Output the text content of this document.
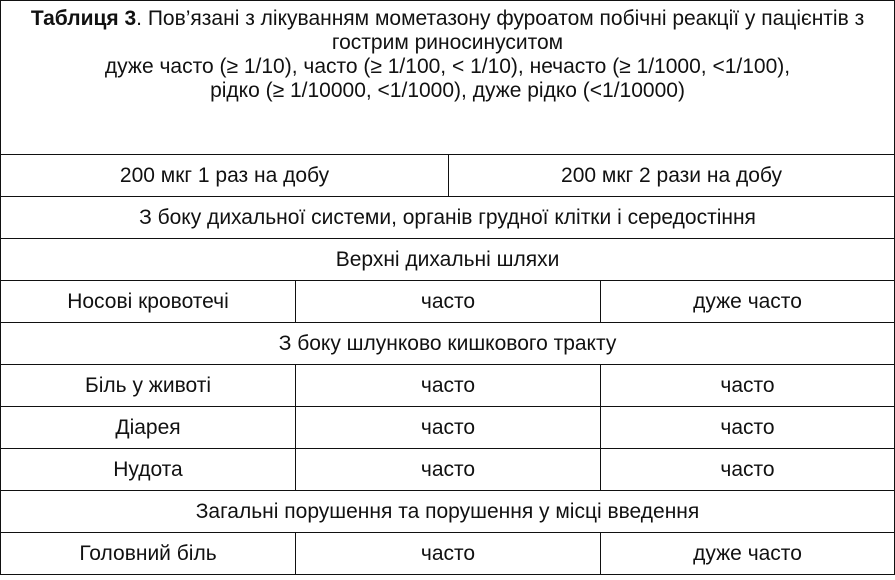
Таблиця 3. Пов’язані з лікуванням мометазону фуроатом побічні реакції у пацієнтів з гострим риносинуситом
дуже часто (≥ 1/10), часто (≥ 1/100, < 1/10), нечасто (≥ 1/1000, <1/100),
рідко (≥ 1/10000, <1/1000), дуже рідко (<1/10000)			
200 мкг 1 раз на добу		200 мкг 2 рази на добу	
З боку дихальної системи, органів грудної клітки і середостіння			
Верхні дихальні шляхи			
Носові кровотечі	часто		дуже часто
З боку шлунково кишкового тракту			
Біль у животі	часто		часто
Діарея	часто		часто
Нудота	часто		часто
Загальні порушення та порушення у місці введення			
Головний біль	часто		дуже часто
